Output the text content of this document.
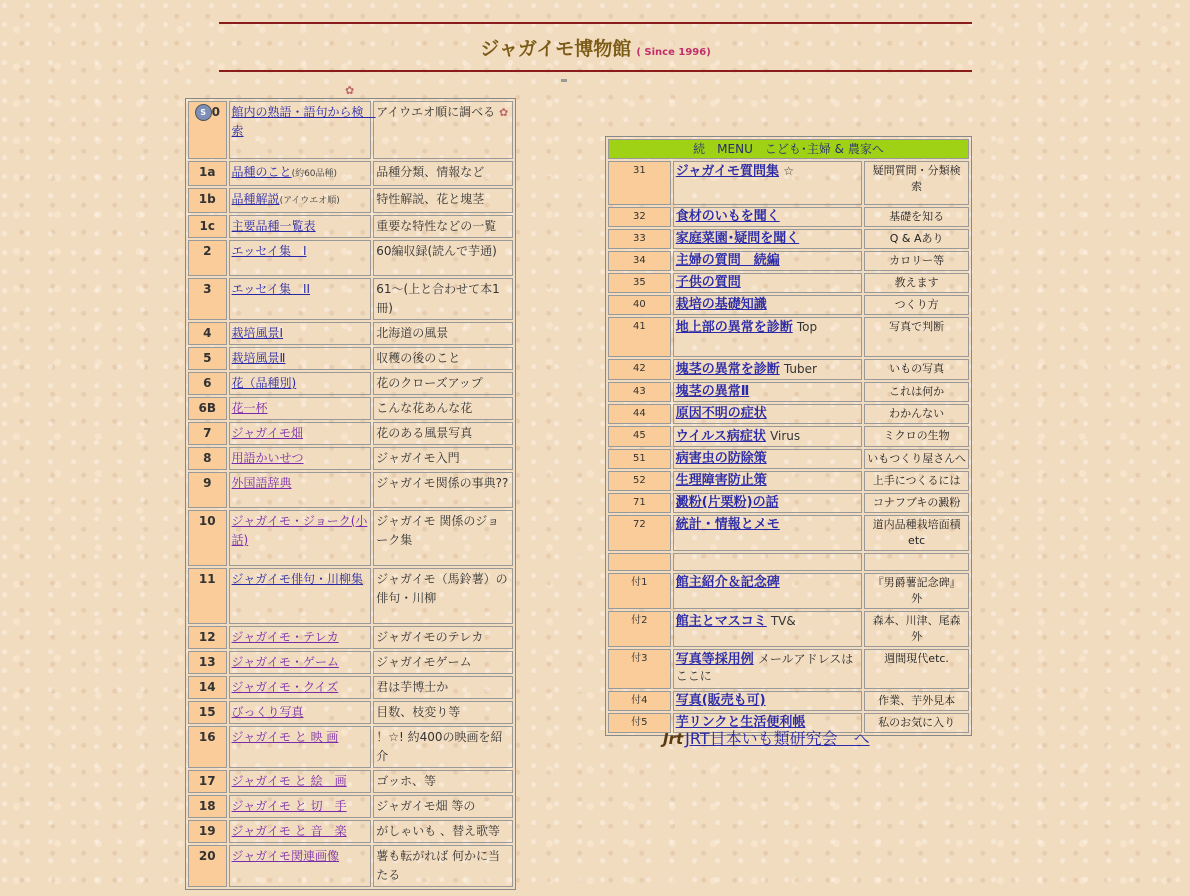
ジャガイモ博物館 ( Since 1996)
✿
S 0	館内の熟語・語句から検　索	アイウエオ順に調べる ✿
1a	品種のこと(約60品種)	品種分類、情報など
1b	品種解説(アイウエオ順)	特性解説、花と塊茎
1c	主要品種一覧表	重要な特性などの一覧
2	エッセイ集　I	60編収録(読んで芋通)
3	エッセイ集　II	61～(上と合わせて本1冊)
4	栽培風景Ⅰ	北海道の風景
5	栽培風景Ⅱ	収穫の後のこと
6	花（品種別)	花のクローズアップ
6B	花一杯	こんな花あんな花
7	ジャガイモ畑	花のある風景写真
8	用語かいせつ	ジャガイモ入門
9	外国語辞典	ジャガイモ関係の事典??
10	ジャガイモ・ジョーク(小話)	ジャガイモ 関係のジョーク集
11	ジャガイモ俳句・川柳集	ジャガイモ（馬鈴薯）の俳句・川柳
12	ジャガイモ・テレカ	ジャガイモのテレカ
13	ジャガイモ・ゲーム	ジャガイモゲーム
14	ジャガイモ・クイズ	君は芋博士か
15	びっくり写真	目数、枝変り等
16	ジャガイモ と 映 画	！☆! 約400の映画を紹介
17	ジャガイモ と 絵　画	ゴッホ、等
18	ジャガイモ と 切　手	ジャガイモ畑 等の
19	ジャガイモ と 音　楽	がしゃいも 、替え歌等
20	ジャガイモ関連画像	薯も転がれば 何かに当たる
続　MENU　こども･主婦 & 農家へ		
31	ジャガイモ質問集 ☆	疑問質問・分類検索
32	食材のいもを聞く	基礎を知る
33	家庭菜園･疑問を聞く	Q & Aあり
34	主婦の質問　続編	カロリー等
35	子供の質問	教えます
40	栽培の基礎知識	つくり方
41	地上部の異常を診断 Top	写真で判断
42	塊茎の異常を診断 Tuber	いもの写真
43	塊茎の異常Ⅱ	これは何か
44	原因不明の症状	わかんない
45	ウイルス病症状 Virus	ミクロの生物
51	病害虫の防除策	いもつくり屋さんへ
52	生理障害防止策	上手につくるには
71	澱粉(片栗粉)の話	コナフブキの澱粉
72	統計・情報とメモ	道内品種栽培面積etc

付1	館主紹介＆記念碑	『男爵薯記念碑』外
付2	館主とマスコミ TV&	森本、川津、尾森外
付3	写真等採用例 メールアドレスはここに	週間現代etc.
付4	写真(販売も可)	作業、芋外見本
付5	芋リンクと生活便利帳	私のお気に入り
Jrt JRT日本いも類研究会　へ
